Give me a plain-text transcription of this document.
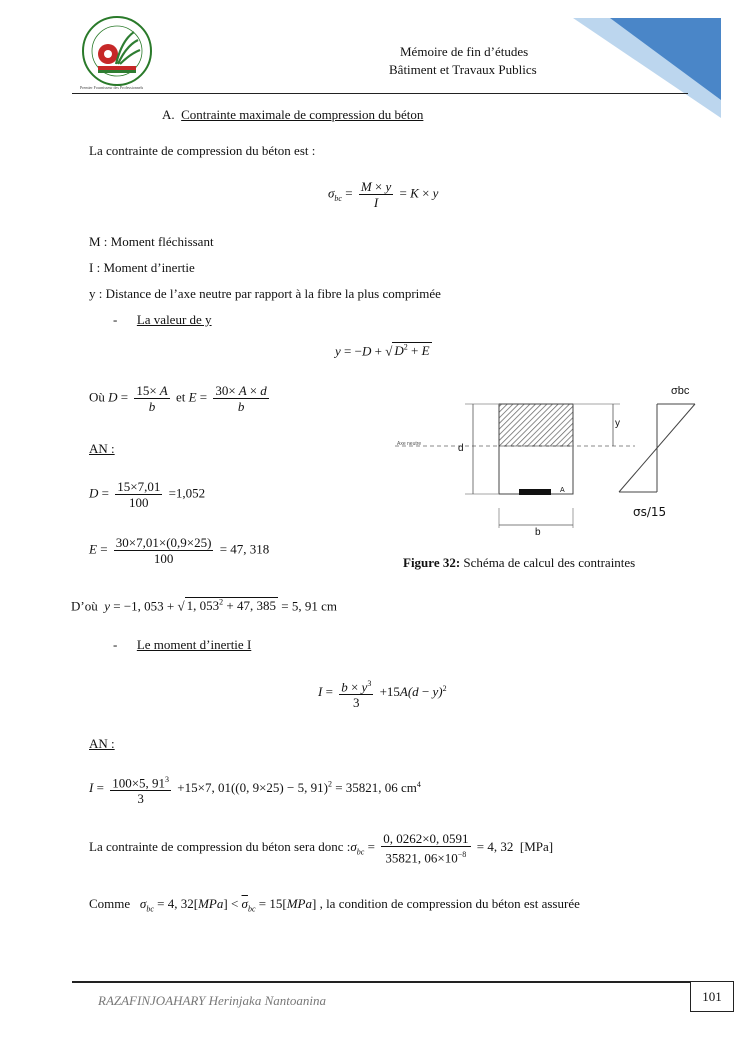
Premier Fournisseur des Professionnels
Mémoire de fin d’études
Bâtiment et Travaux Publics
A. Contrainte maximale de compression du béton
La contrainte de compression du béton est :
$\sigma_{bc} = \frac{M \times y}{I} = K \times y$
M : Moment fléchissant
I : Moment d’inertie
y : Distance de l’axe neutre par rapport à la fibre la plus comprimée
- La valeur de y
y = −D + √ $D^2 + E$
Où $D = \frac{15\times A}{b}$ et $E = \frac{30\times A \times d}{b}$
AN :
$D = \frac{15\times 7,01}{100} =1,052$
$E = \frac{30\times 7,01\times(0,9\times 25)}{100} = 47$, 318
Axe neutre	d
y
A
b
σbc
σs/15
Figure 32: Schéma de calcul des contraintes
D’où  y = −1, 053 + √ 1, $053^2 + 47$, 385 = 5, 91 cm
- Le moment d’inertie I
$I = \frac{b \times y^3}{3} +15A(d - y)^2$
AN :
$I = \frac{100\times 5, 91^3}{3} +15\times 7$, 01((0, 9×25) − 5, 91)$^2$ = 35821, 06 $cm^4$
La contrainte de compression du béton sera donc $:\sigma_{bc} = \frac{0, 0262\times 0, 0591}{35821, 06\times 10^{-8}} = 4$, 32  [MPa]
Comme $\sigma_{bc} = 4$, $32[MPa] < \overline{\sigma}_{bc} = 15[MPa]$ , la condition de compression du béton est assurée
RAZAFINJOAHARY Herinjaka Nantoanina	101
